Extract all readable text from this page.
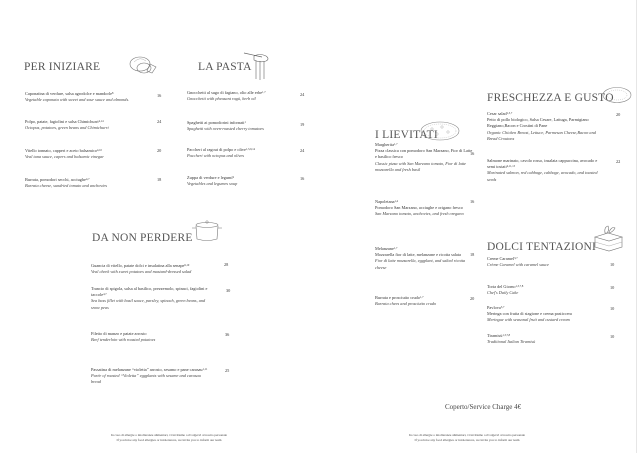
PER INIZIARE
Caponatina di verdure, salsa agrodolce e mandorle$^8$
Vegetable caponata with sweet and sour sauce and almonds.
16
Polpo, patate, fagiolini e salsa Chimichurri$^{4,14}$
Octopus, potatoes, green beans and Chimichurri
24
Vitello tonnato, capperi e aceto balsamico$^{4,10}$
Veal tuna sauce, capers and balsamic vinegar
20
Burrata, pomodori secchi, acciughe$^{4,7}$
Burrata cheese, sundried tomato and anchovies
18
LA PASTA
Gnocchetti al sugo di fagiano, olio alle erbe$^{1,7}$
Gnocchetti with pheasant ragù, herb oil
24
Spaghetti ai pomodorini infornati$^1$
Spaghetti with oven-roasted cherry tomatoes
19
Paccheri al ragout di polpo e olive$^{1,3,9,14}$
Paccheri with octopus and olives
24
Zuppa di verdure e legumi$^9$
Vegetables and legumes soup
16
DA NON PERDERE
Guancia di vitello, patate dolci e insalatina alla senape$^{9,10}$
Veal cheek with sweet potatoes and mustard-dressed salad
28
Trancio di spigola, salsa al basilico, prezzemolo, spinaci, fagiolini e taccole$^{4,7}$
Sea bass fillet with basil sauce, parsley, spinach, green beans, and snow peas
30
Filetto di manzo e patate arrosto
Beef tenderloin with roasted potatoes
36
Passatina di melanzane “violetta” arrosto, sesamo e pane carasau$^{1,11}$
Purée of roasted “Violetta” eggplants with sesame and carasau bread
25
In caso di allergie o intolleranze alimentari, vi invitiamo a rivolgervi al nostro personale
If you have any food allergies or intolerances, we invite you to inform our team
I LIEVITATI
Margherita$^{1,7}$
Pizza classica con pomodoro San Marzano, Fior di Latte e basilico fresco
Classic pizza with San Marzano tomato, Fior di latte mozzarella and fresh basil
16
Napoletana$^{1,4}$
Pomodoro San Marzano, acciughe e origano fresco
San Marzano tomato, anchovies, and fresh oregano
16
Melanzane$^{1,7}$
Mozzarella fior di latte, melanzane e ricotta salata
Fior di latte mozzarella, eggplant, and salted ricotta cheese
18
Burrata e prosciutto crudo$^{1,7}$
Burrata chees and prosciutto crudo
20
FRESCHEZZA E GUSTO
Cesar salad$^{1,3,7}$
Petto di pollo biologico, Salsa Cesare, Lattuga, Parmigiano Reggiano,Bacon e Crostini di Pane
Organic Chicken Breast, Lettuce, Parmesan Cheese,Bacon and Bread Croutons
20
Salmone marinato, cavolo rosso, insalata cappuccina, avocado e semi tostati$^{4,11,13}$
Marinated salmon, red cabbage, cabbage, avocado, and toasted seeds
22
DOLCI TENTAZIONI
Creme Caramel$^{3,7}$
Crème Caramel with caramel sauce	10
Torta del Giorno$^{1,3,7,8}$
Chef's Daily Cake
10
Pavlova$^{3,7}$
Meringa con frutta di stagione e crema pasticcera
Meringue with seasonal fruit and custard cream
10
Tiramisù$^{1,3,7,8}$
Traditional Italian Tiramisù
10
Coperto/Service Charge 4€
In caso di allergie o intolleranze alimentari, vi invitiamo a rivolgervi al nostro personale
If you have any food allergies or intolerances, we invite you to inform our team
